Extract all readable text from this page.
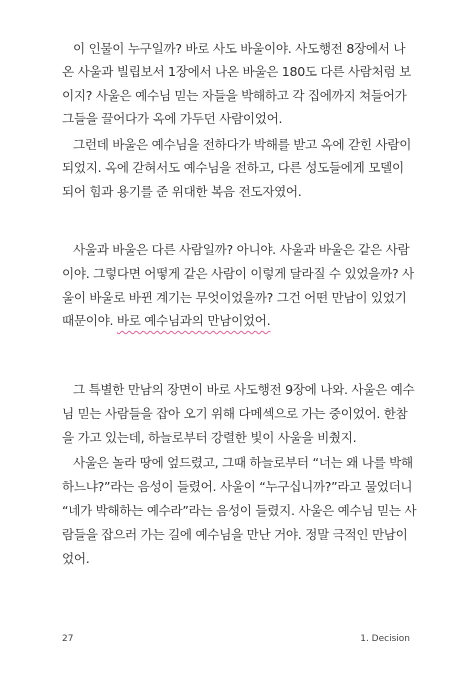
이 인물이 누구일까? 바로 사도 바울이야. 사도행전 8장에서 나
온 사울과 빌립보서 1장에서 나온 바울은 180도 다른 사람처럼 보
이지? 사울은 예수님 믿는 자들을 박해하고 각 집에까지 쳐들어가
그들을 끌어다가 옥에 가두던 사람이었어.
그런데 바울은 예수님을 전하다가 박해를 받고 옥에 갇힌 사람이
되었지. 옥에 갇혀서도 예수님을 전하고, 다른 성도들에게 모델이
되어 힘과 용기를 준 위대한 복음 전도자였어.
사울과 바울은 다른 사람일까? 아니야. 사울과 바울은 같은 사람
이야. 그렇다면 어떻게 같은 사람이 이렇게 달라질 수 있었을까? 사
울이 바울로 바뀐 계기는 무엇이었을까? 그건 어떤 만남이 있었기
때문이야. 바로 예수님과의 만남이었어.
그 특별한 만남의 장면이 바로 사도행전 9장에 나와. 사울은 예수
님 믿는 사람들을 잡아 오기 위해 다메섹으로 가는 중이었어. 한참
을 가고 있는데, 하늘로부터 강렬한 빛이 사울을 비췄지.
사울은 놀라 땅에 엎드렸고, 그때 하늘로부터 “너는 왜 나를 박해
하느냐?”라는 음성이 들렸어. 사울이 “누구십니까?”라고 물었더니
“네가 박해하는 예수라”라는 음성이 들렸지. 사울은 예수님 믿는 사
람들을 잡으러 가는 길에 예수님을 만난 거야. 정말 극적인 만남이
었어.
27	1. Decision
